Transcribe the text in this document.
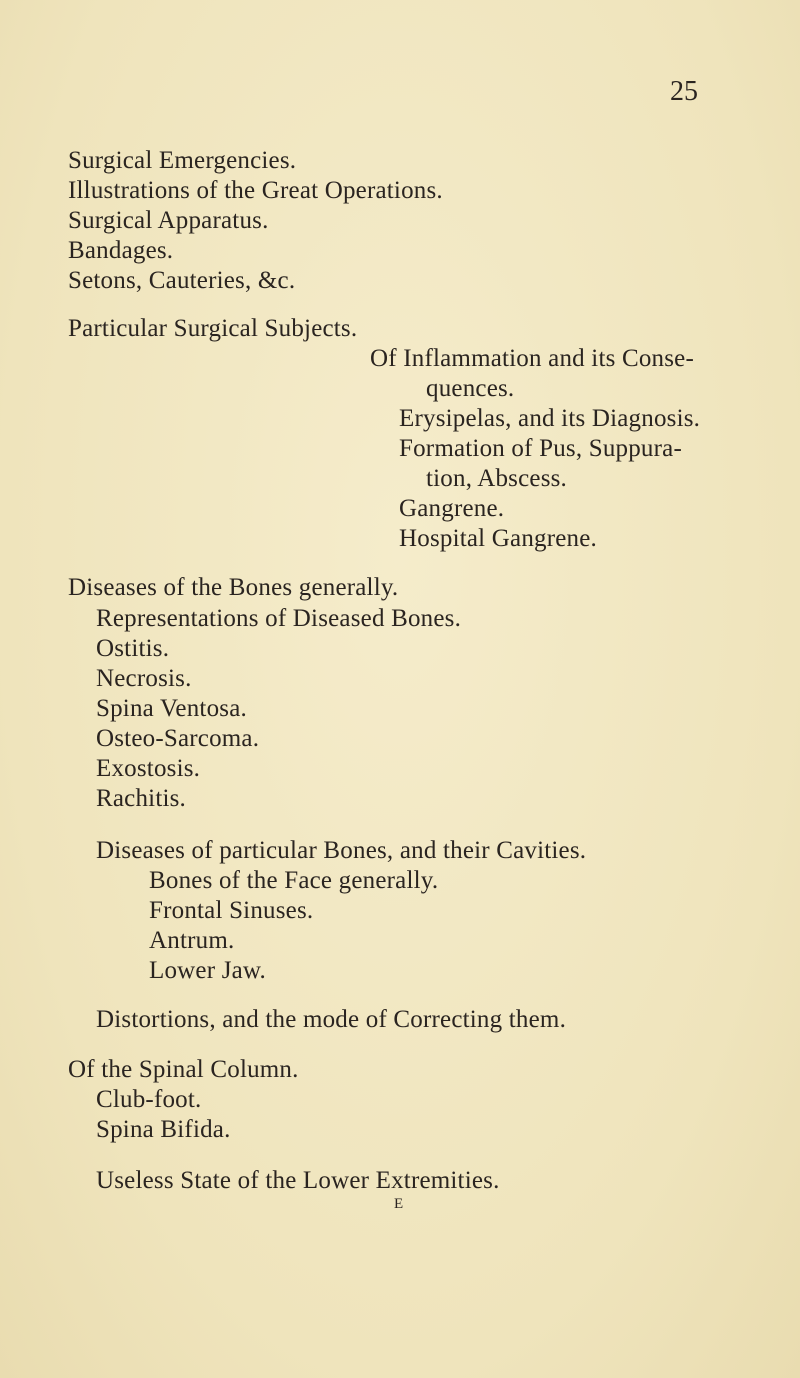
25
Surgical Emergencies.
Illustrations of the Great Operations.
Surgical Apparatus.
Bandages.
Setons, Cauteries, &c.
Particular Surgical Subjects.
Of Inflammation and its Conse-
quences.
Erysipelas, and its Diagnosis.
Formation of Pus, Suppura-
tion, Abscess.
Gangrene.
Hospital Gangrene.
Diseases of the Bones generally.
Representations of Diseased Bones.
Ostitis.
Necrosis.
Spina Ventosa.
Osteo-Sarcoma.
Exostosis.
Rachitis.
Diseases of particular Bones, and their Cavities.
Bones of the Face generally.
Frontal Sinuses.
Antrum.
Lower Jaw.
Distortions, and the mode of Correcting them.
Of the Spinal Column.
Club-foot.
Spina Bifida.
Useless State of the Lower Extremities.
E
